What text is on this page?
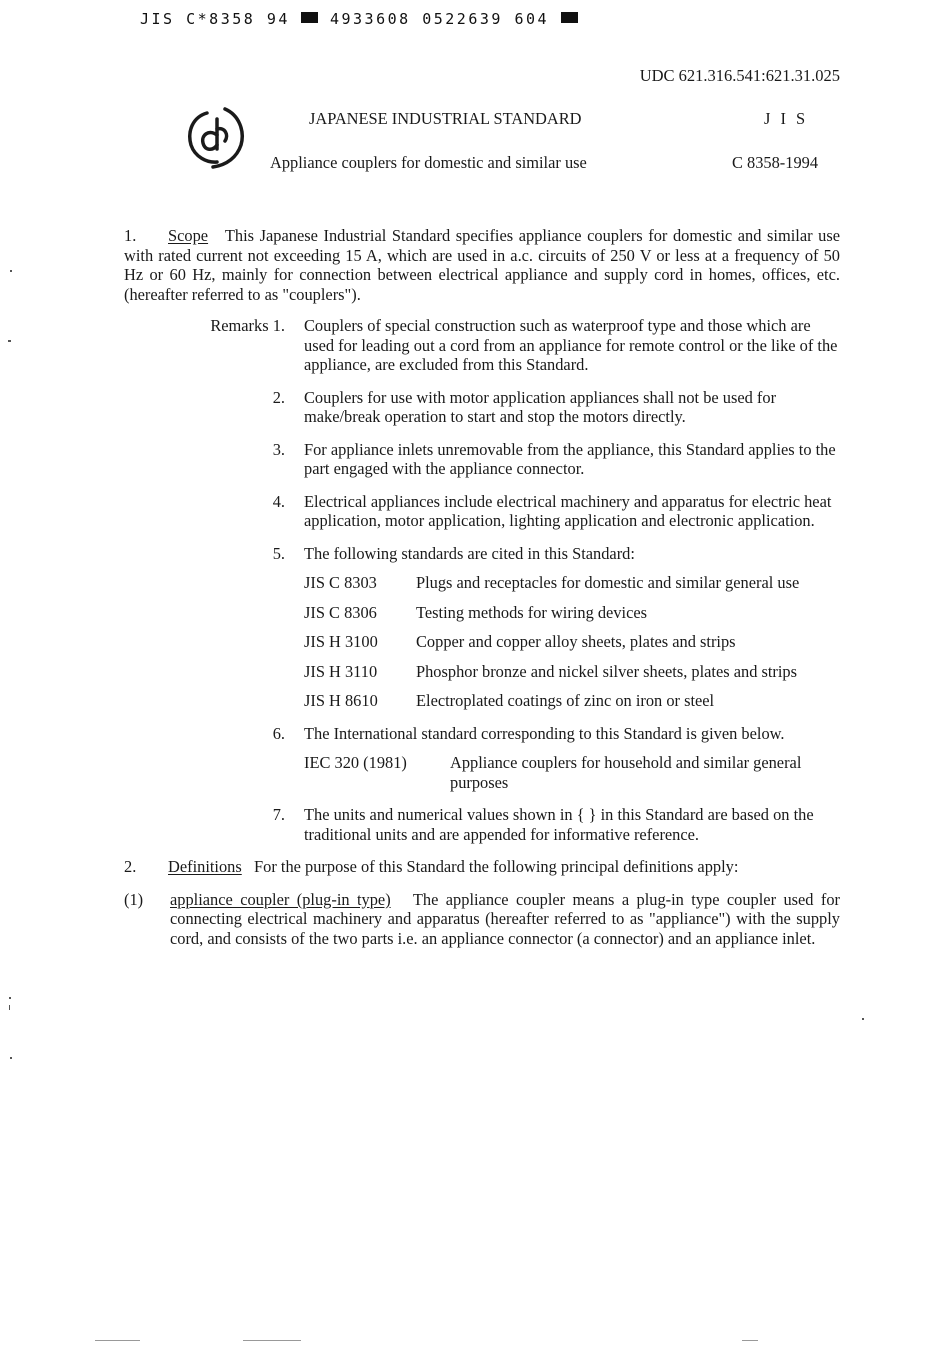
JIS C*8358 94	4933608 0522639 604
UDC 621.316.541:621.31.025
JAPANESE INDUSTRIAL STANDARD	J I S
Appliance couplers for domestic and similar use	C 8358-1994

1. Scope This Japanese Industrial Standard specifies appliance couplers for domestic and similar use with rated current not exceeding 15 A, which are used in a.c. circuits of 250 V or less at a frequency of 50 Hz or 60 Hz, mainly for connection between electrical appliance and supply cord in homes, offices, etc. (hereafter referred to as "couplers").

Remarks 1.	Couplers of special construction such as waterproof type and those which are used for leading out a cord from an appliance for remote control or the like of the appliance, are excluded from this Standard.
2.	Couplers for use with motor application appliances shall not be used for make/break operation to start and stop the motors directly.
3.	For appliance inlets unremovable from the appliance, this Standard applies to the part engaged with the appliance connector.
4.	Electrical appliances include electrical machinery and apparatus for electric heat application, motor application, lighting application and electronic application.
5. The following standards are cited in this Standard:
JIS C 8303	Plugs and receptacles for domestic and similar general use
JIS C 8306	Testing methods for wiring devices
JIS H 3100	Copper and copper alloy sheets, plates and strips
JIS H 3110	Phosphor bronze and nickel silver sheets, plates and strips
JIS H 8610	Electroplated coatings of zinc on iron or steel
6. The International standard corresponding to this Standard is given below.
IEC 320 (1981)	Appliance couplers for household and similar general purposes
7.	The units and numerical values shown in { } in this Standard are based on the traditional units and are appended for informative reference.

2. Definitions For the purpose of this Standard the following principal definitions apply:

(1)	appliance coupler (plug-in type) The appliance coupler means a plug-in type coupler used for connecting electrical machinery and apparatus (hereafter referred to as "appliance") with the supply cord, and consists of the two parts i.e. an appliance connector (a connector) and an appliance inlet.
